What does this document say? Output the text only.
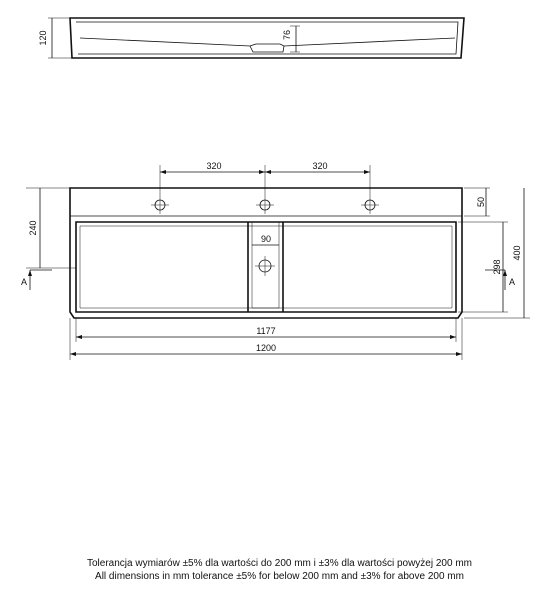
120	76
320	320
50
400
298
240
90
1177
1200
A	A
Tolerancja wymiarów ±5% dla wartości do 200 mm i ±3% dla wartości powyżej 200 mm
All dimensions in mm tolerance ±5% for below 200 mm and ±3% for above 200 mm
